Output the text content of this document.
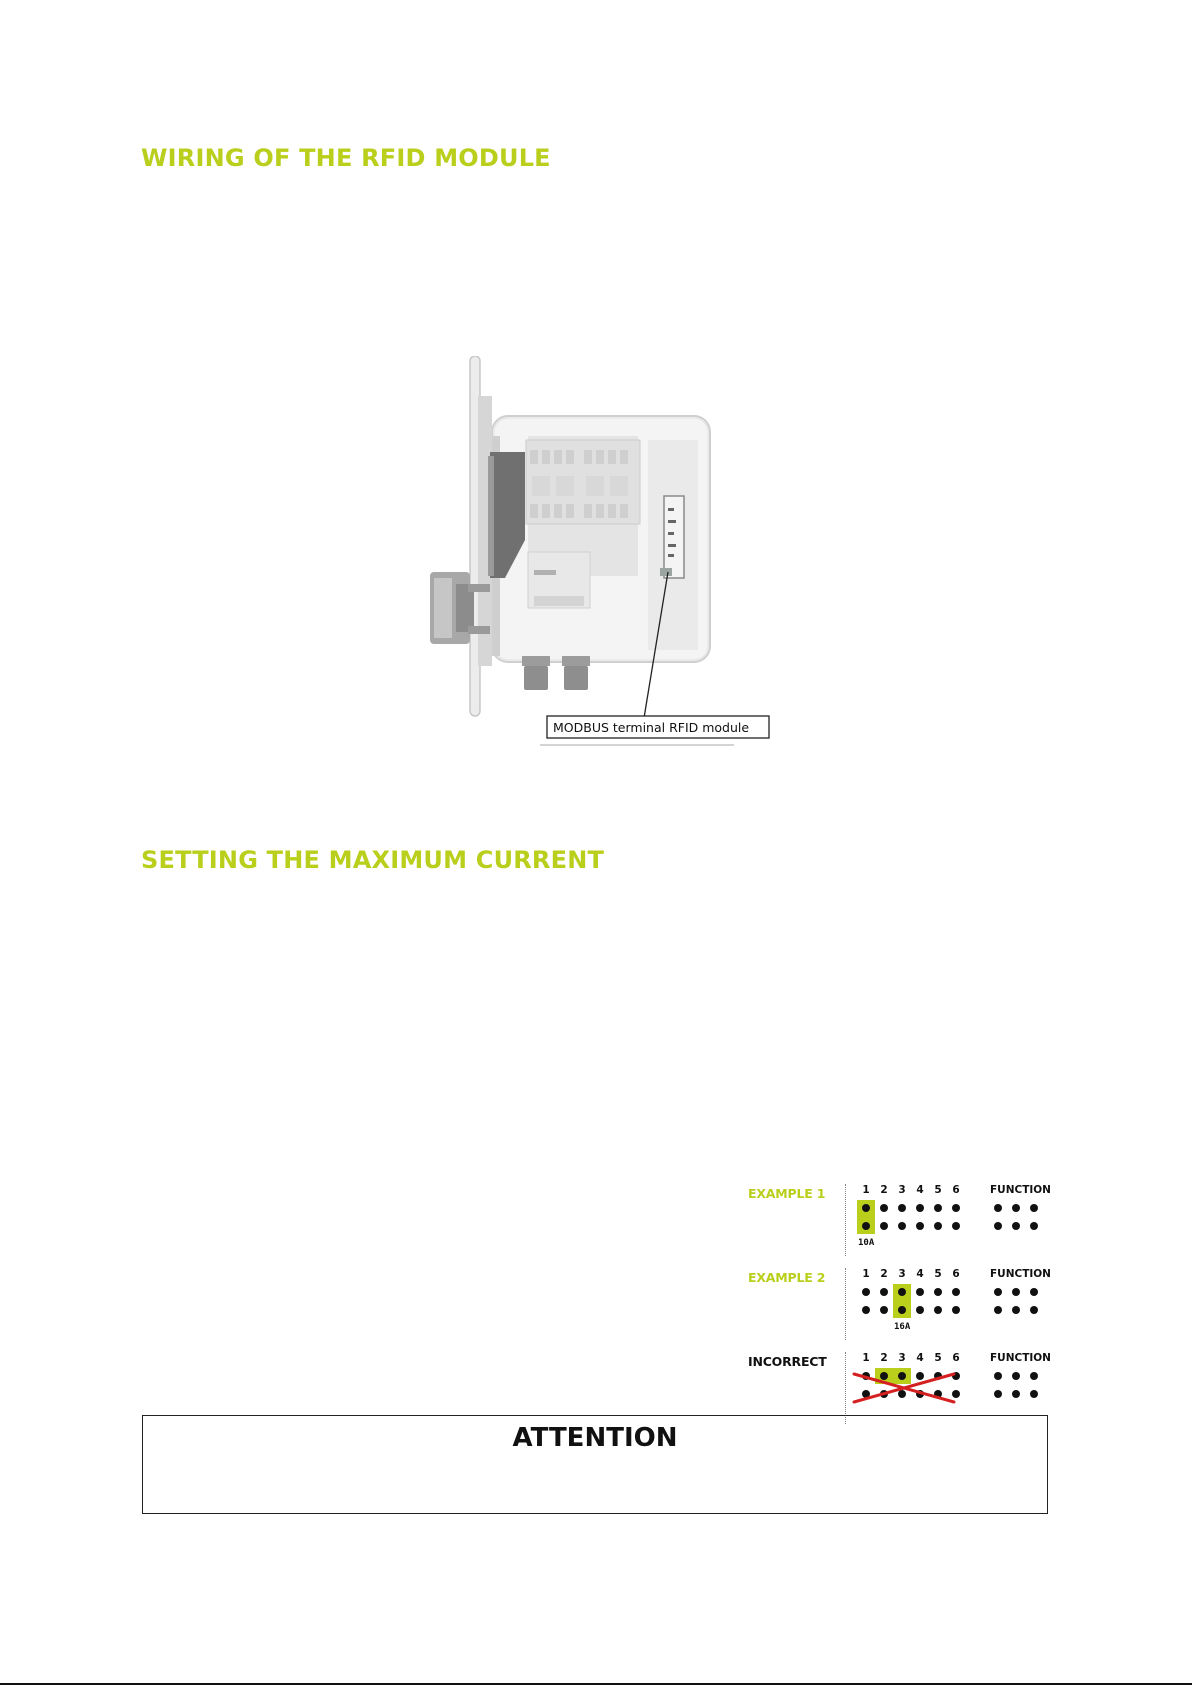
WIRING OF THE RFID MODULE
MODBUS terminal RFID module
SETTING THE MAXIMUM CURRENT
EXAMPLE 1	1	2	3	4	5	6
10A
FUNCTION
EXAMPLE 2	1	2	3	4	5	6
16A
FUNCTION
INCORRECT	1	2	3	4	5	6	FUNCTION
ATTENTION
